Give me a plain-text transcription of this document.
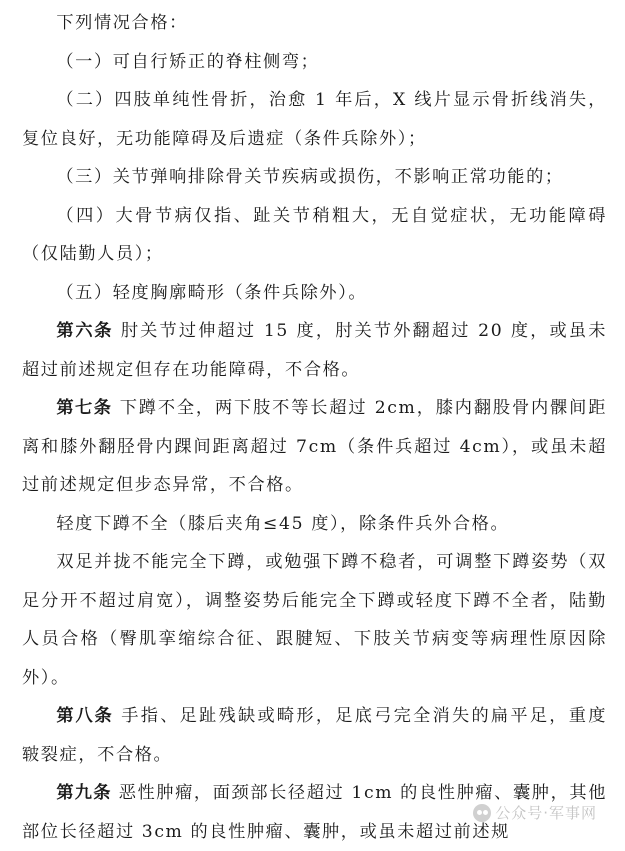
下列情况合格：

（一）可自行矫正的脊柱侧弯；

（二）四肢单纯性骨折，治愈 1 年后，X 线片显示骨折线消失，复位良好，无功能障碍及后遗症（条件兵除外）；

（三）关节弹响排除骨关节疾病或损伤，不影响正常功能的；

（四）大骨节病仅指、趾关节稍粗大，无自觉症状，无功能障碍（仅陆勤人员）；

（五）轻度胸廓畸形（条件兵除外）。

第六条 肘关节过伸超过 15 度，肘关节外翻超过 20 度，或虽未超过前述规定但存在功能障碍，不合格。

第七条 下蹲不全，两下肢不等长超过 2cm，膝内翻股骨内髁间距离和膝外翻胫骨内踝间距离超过 7cm（条件兵超过 4cm），或虽未超过前述规定但步态异常，不合格。

轻度下蹲不全（膝后夹角≤45 度），除条件兵外合格。

双足并拢不能完全下蹲，或勉强下蹲不稳者，可调整下蹲姿势（双足分开不超过肩宽），调整姿势后能完全下蹲或轻度下蹲不全者，陆勤人员合格（臀肌挛缩综合征、跟腱短、下肢关节病变等病理性原因除外）。

第八条 手指、足趾残缺或畸形，足底弓完全消失的扁平足，重度皲裂症，不合格。

第九条 恶性肿瘤，面颈部长径超过 1cm 的良性肿瘤、囊肿，其他部位长径超过 3cm 的良性肿瘤、囊肿，或虽未超过前述规

公众号·军事网
